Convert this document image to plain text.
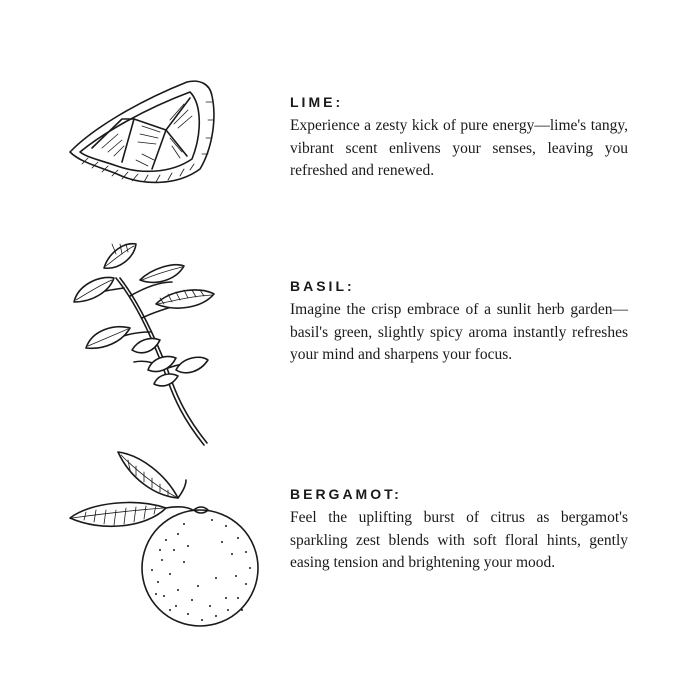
LIME:

Experience a zesty kick of pure energy—lime's tangy, vibrant scent enlivens your senses, leaving you refreshed and renewed.

BASIL:

Imagine the crisp embrace of a sunlit herb garden—basil's green, slightly spicy aroma instantly refreshes your mind and sharpens your focus.

BERGAMOT:

Feel the uplifting burst of citrus as bergamot's sparkling zest blends with soft floral hints, gently easing tension and brightening your mood.
